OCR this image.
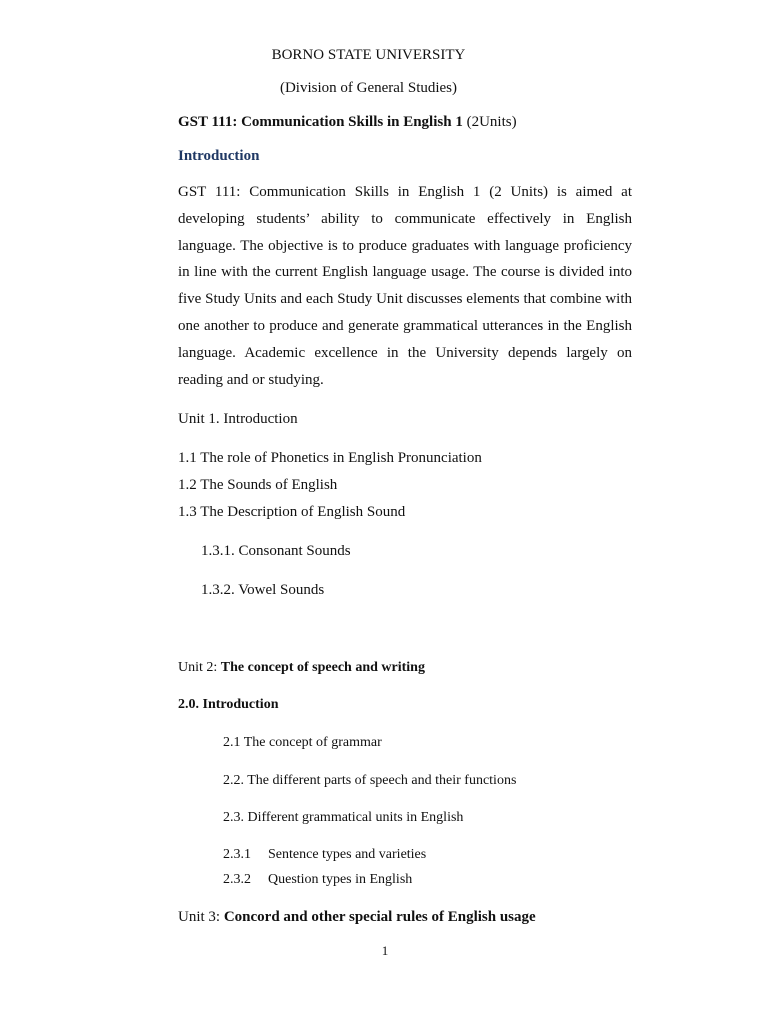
BORNO STATE UNIVERSITY
(Division of General Studies)
GST 111: Communication Skills in English 1 (2Units)
Introduction

GST 111: Communication Skills in English 1 (2 Units) is aimed at developing students’ ability to communicate effectively in English language. The objective is to produce graduates with language proficiency in line with the current English language usage. The course is divided into five Study Units and each Study Unit discusses elements that combine with one another to produce and generate grammatical utterances in the English language. Academic excellence in the University depends largely on reading and or studying.

Unit 1. Introduction
1.1 The role of Phonetics in English Pronunciation
1.2 The Sounds of English
1.3 The Description of English Sound
1.3.1. Consonant Sounds
1.3.2. Vowel Sounds
Unit 2: The concept of speech and writing
2.0. Introduction
2.1 The concept of grammar
2.2. The different parts of speech and their functions
2.3. Different grammatical units in English
2.3.1 Sentence types and varieties
2.3.2 Question types in English
Unit 3: Concord and other special rules of English usage
1
